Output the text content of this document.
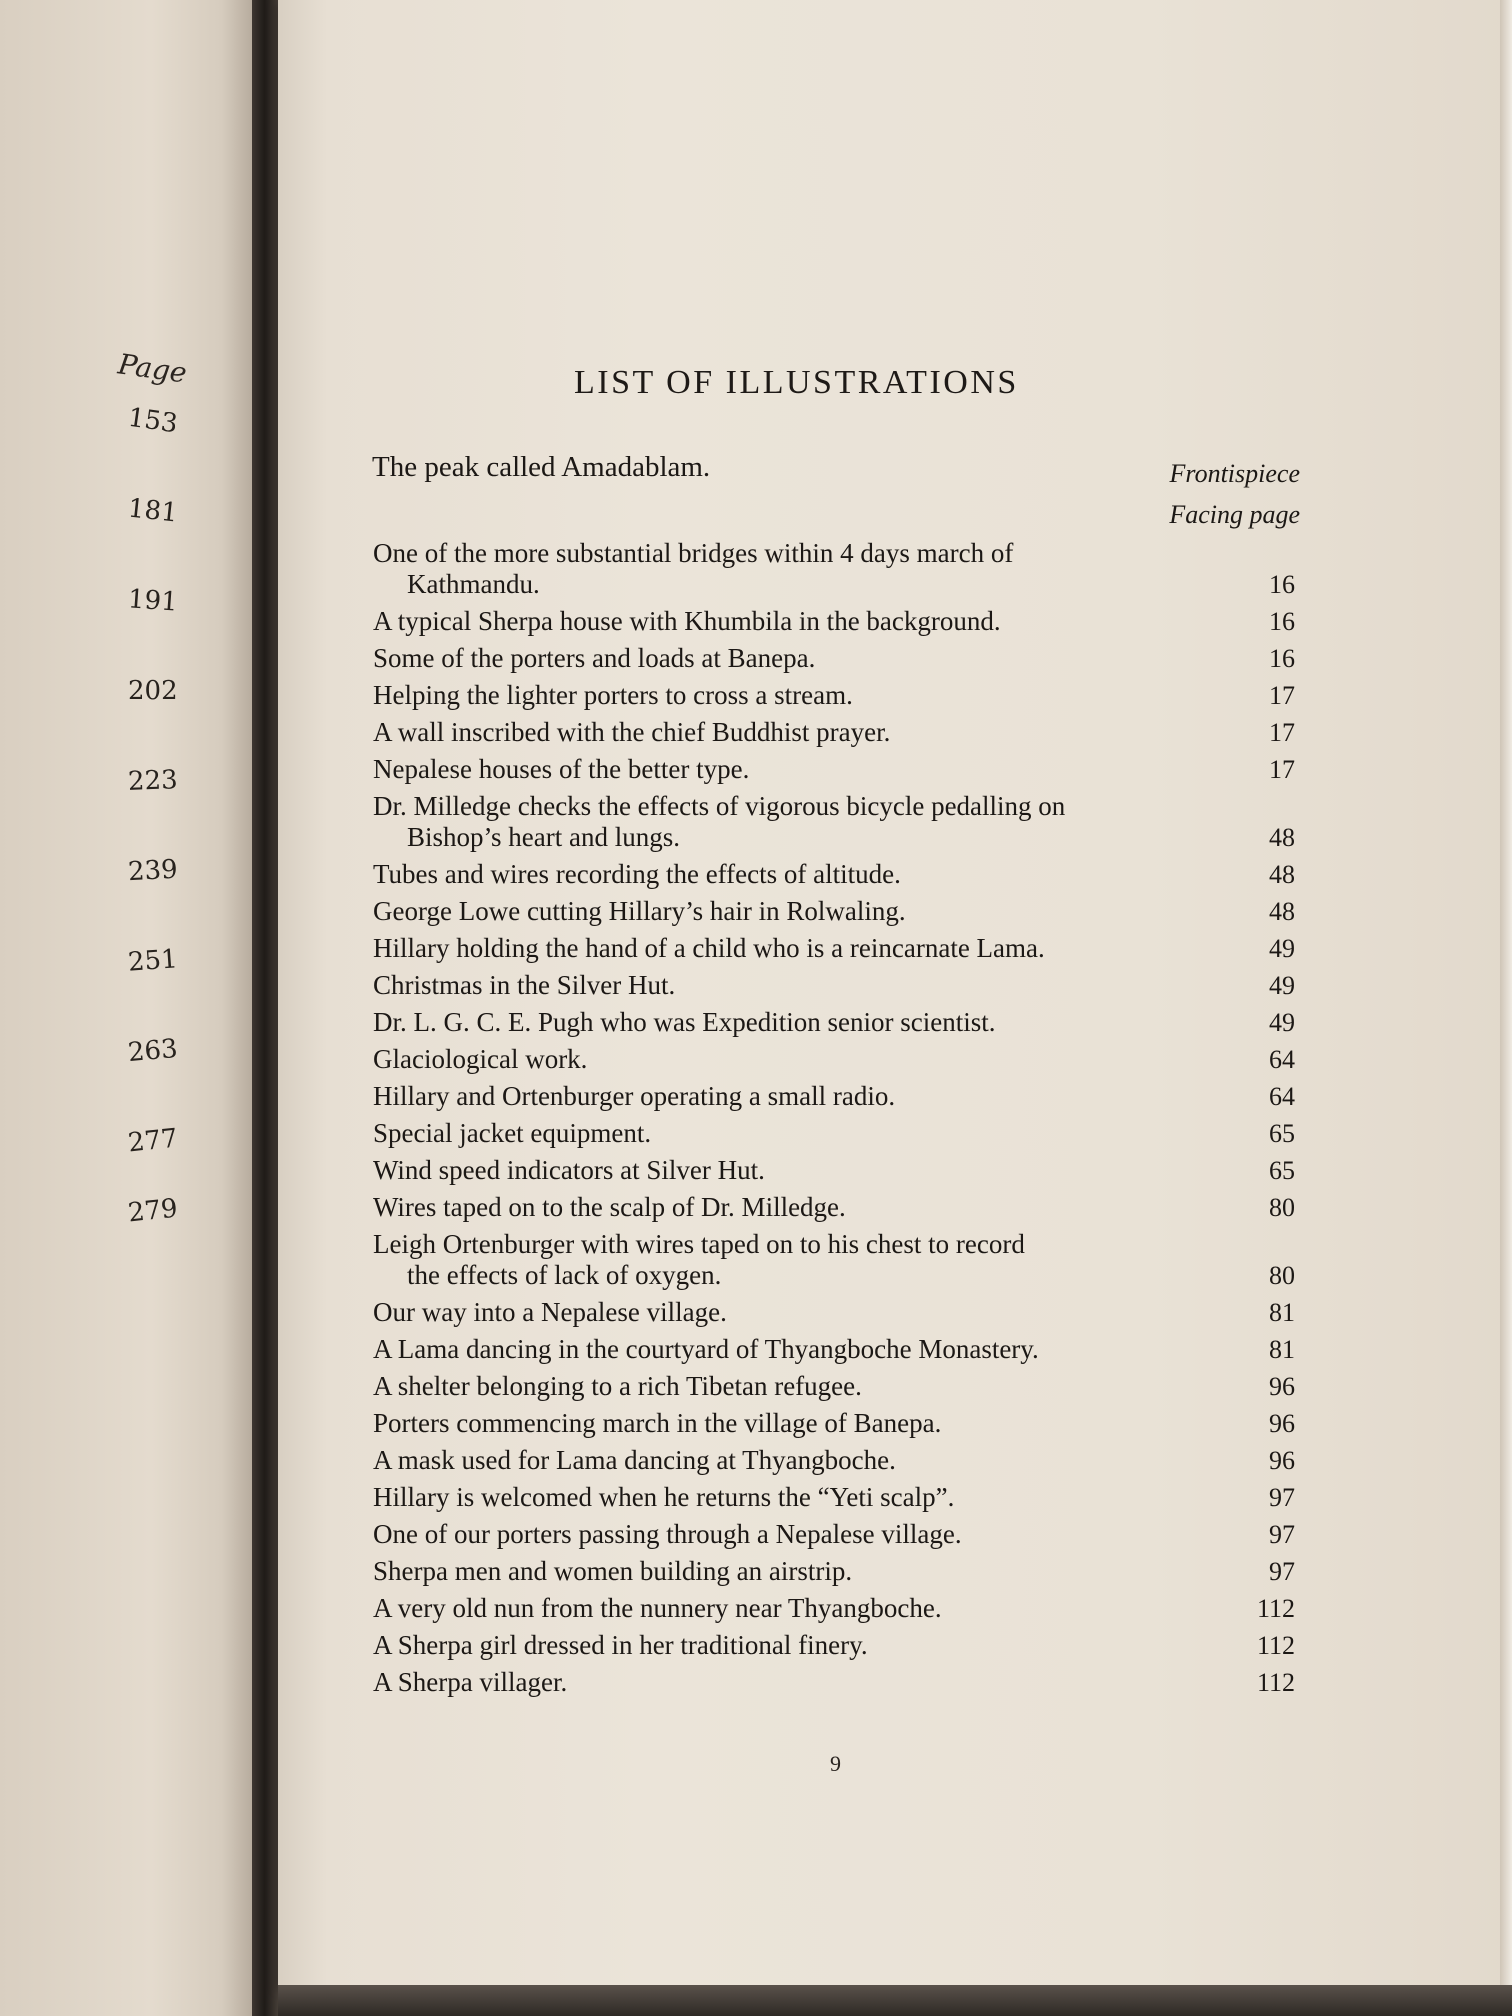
Page
153
181
191
202
223
239
251
263
277
279
LIST OF ILLUSTRATIONS
The peak called Amadablam.	Frontispiece
Facing page
One of the more substantial bridges within 4 days march of
Kathmandu.	16
A typical Sherpa house with Khumbila in the background.	16
Some of the porters and loads at Banepa.	16
Helping the lighter porters to cross a stream.	17
A wall inscribed with the chief Buddhist prayer.	17
Nepalese houses of the better type.	17
Dr. Milledge checks the effects of vigorous bicycle pedalling on
Bishop’s heart and lungs.	48
Tubes and wires recording the effects of altitude.	48
George Lowe cutting Hillary’s hair in Rolwaling.	48
Hillary holding the hand of a child who is a reincarnate Lama.	49
Christmas in the Silver Hut.	49
Dr. L. G. C. E. Pugh who was Expedition senior scientist.	49
Glaciological work.	64
Hillary and Ortenburger operating a small radio.	64
Special jacket equipment.	65
Wind speed indicators at Silver Hut.	65
Wires taped on to the scalp of Dr. Milledge.	80
Leigh Ortenburger with wires taped on to his chest to record
the effects of lack of oxygen.	80
Our way into a Nepalese village.	81
A Lama dancing in the courtyard of Thyangboche Monastery.	81
A shelter belonging to a rich Tibetan refugee.	96
Porters commencing march in the village of Banepa.	96
A mask used for Lama dancing at Thyangboche.	96
Hillary is welcomed when he returns the “Yeti scalp”.	97
One of our porters passing through a Nepalese village.	97
Sherpa men and women building an airstrip.	97
A very old nun from the nunnery near Thyangboche.	112
A Sherpa girl dressed in her traditional finery.	112
A Sherpa villager.	112
9
